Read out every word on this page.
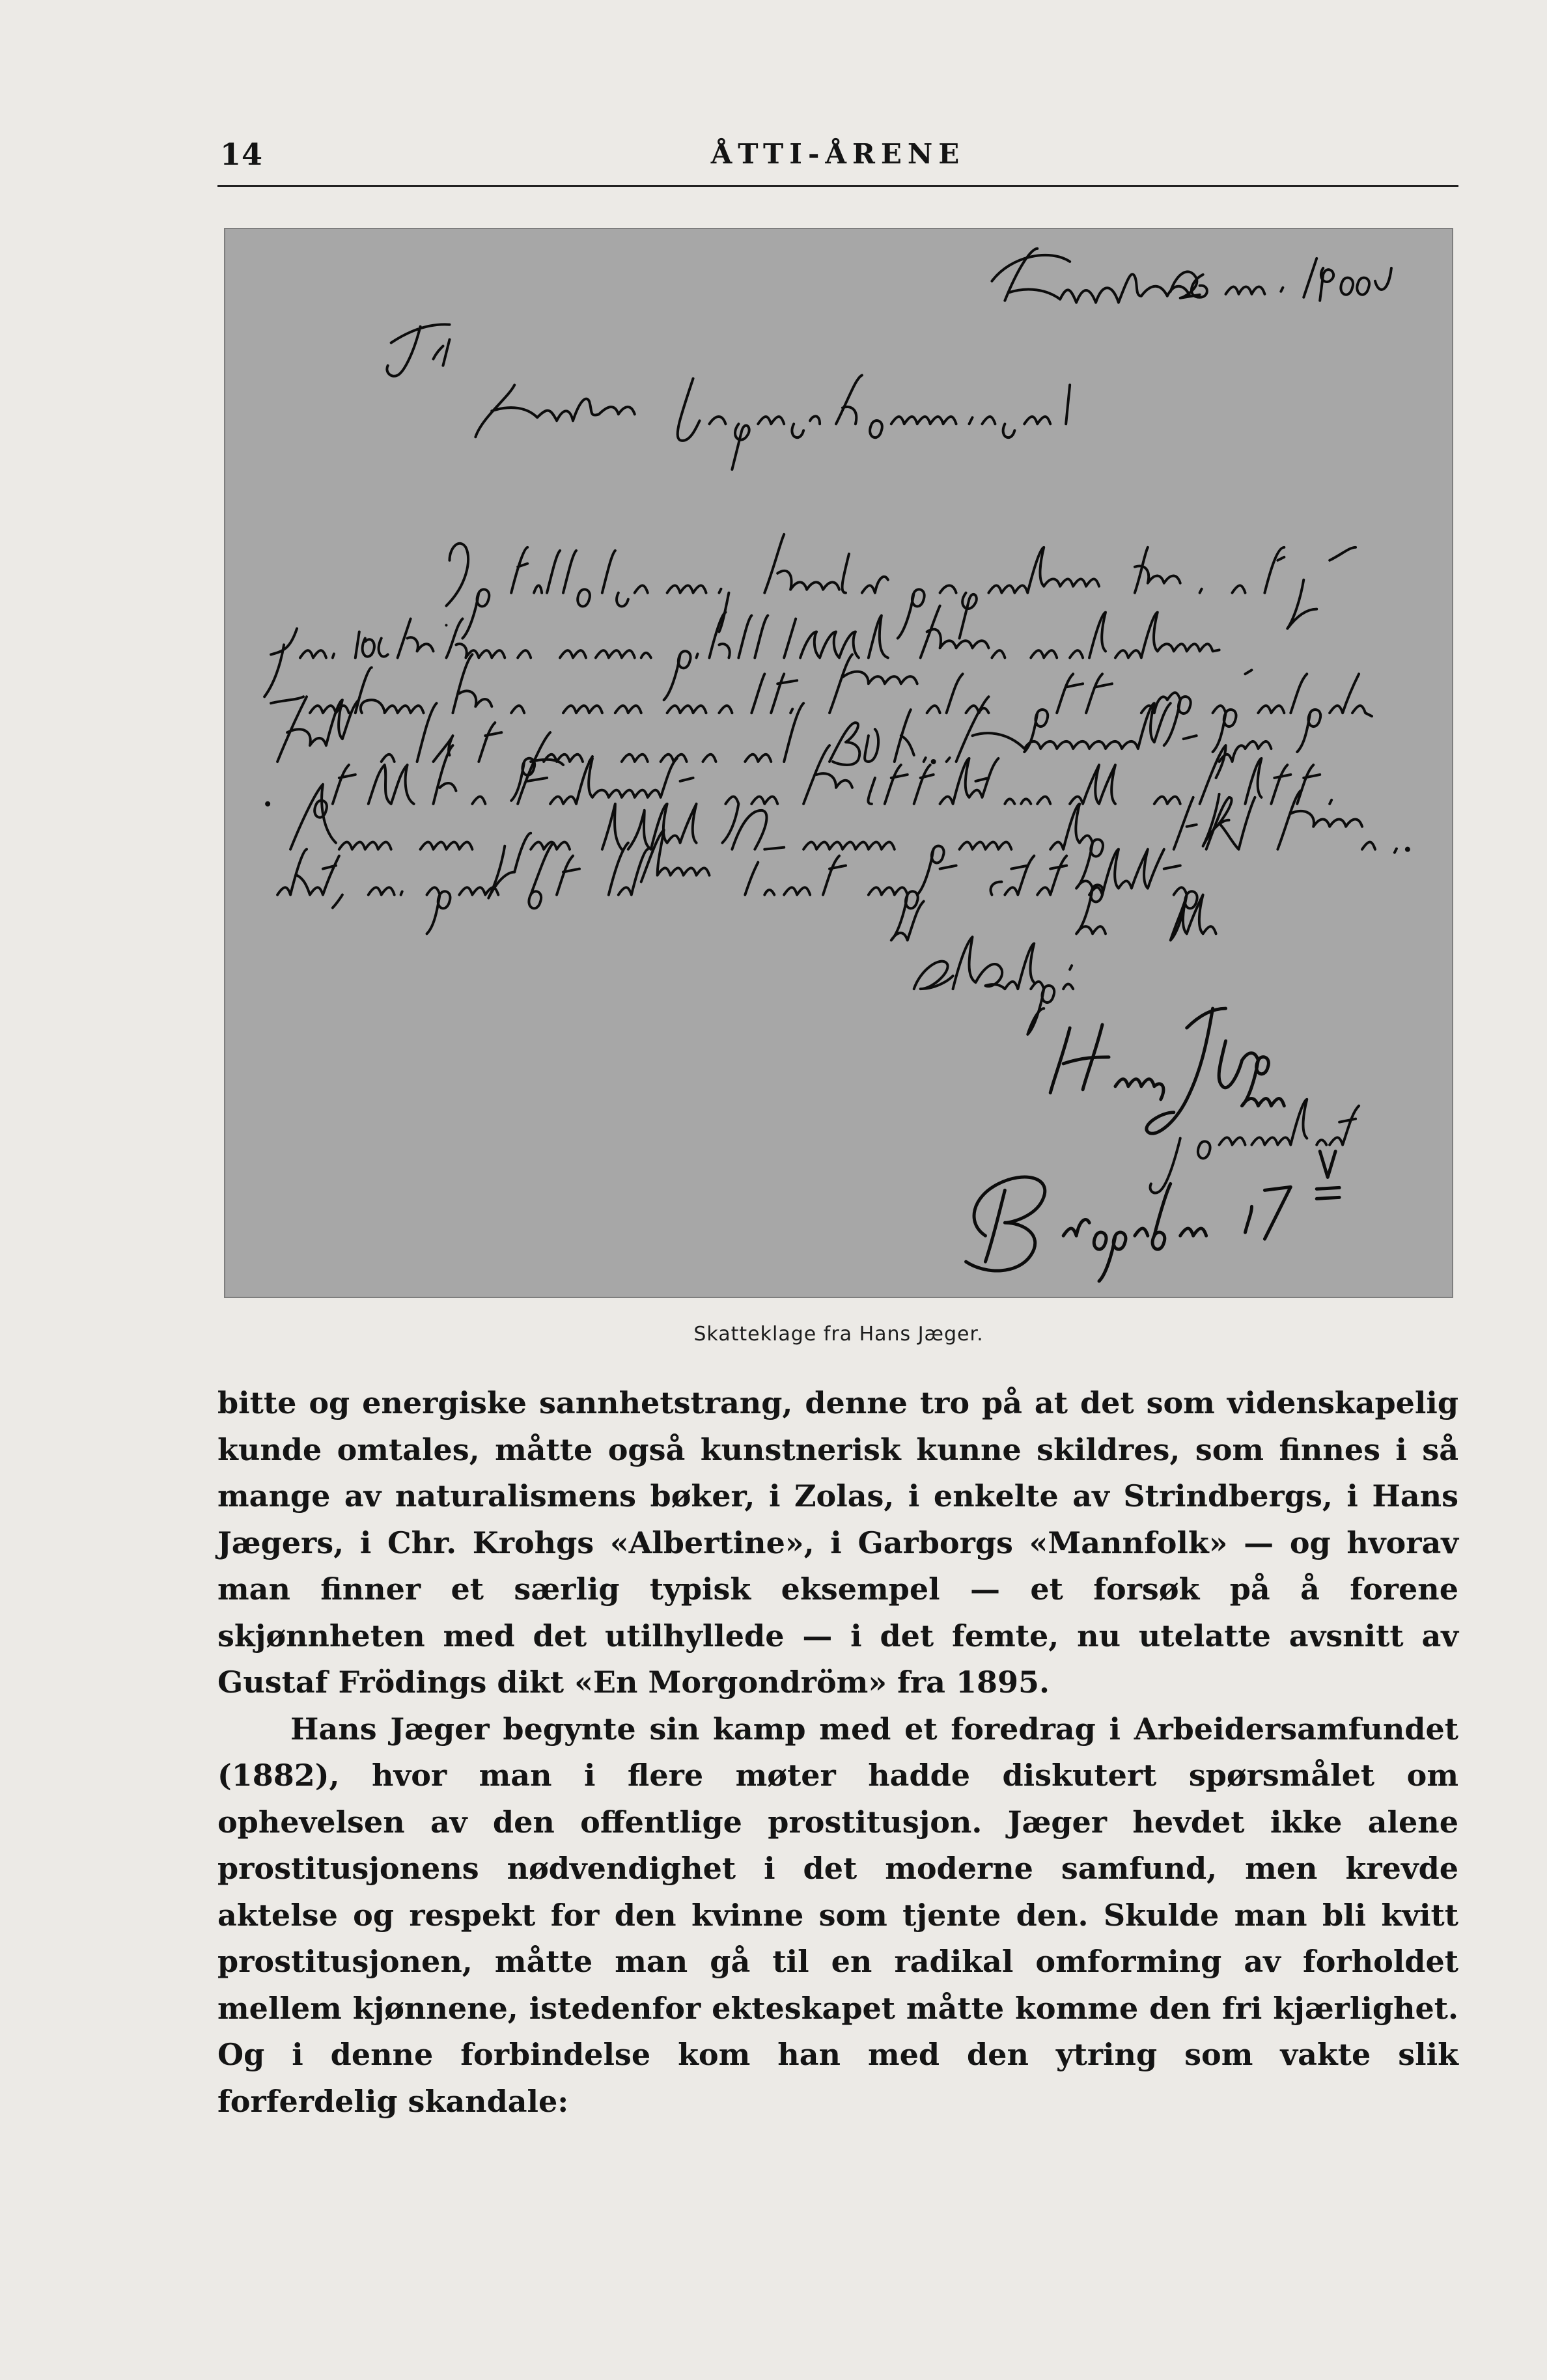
14	ÅTTI-ÅRENE
Skatteklage fra Hans Jæger.

bitte og energiske sannhetstrang, denne tro på at det som videnskapelig kunde omtales, måtte også kunstnerisk kunne skildres, som finnes i så mange av naturalismens bøker, i Zolas, i enkelte av Strindbergs, i Hans Jægers, i Chr. Krohgs «Albertine», i Garborgs «Mannfolk» — og hvorav man finner et særlig typisk eksempel — et forsøk på å forene skjønnheten med det utilhyllede — i det femte, nu utelatte avsnitt av Gustaf Frödings dikt «En Morgondröm» fra 1895.

Hans Jæger begynte sin kamp med et foredrag i Arbeidersamfundet (1882), hvor man i flere møter hadde diskutert spørsmålet om ophevelsen av den offentlige prostitusjon. Jæger hevdet ikke alene prostitusjonens nødvendighet i det moderne samfund, men krevde aktelse og respekt for den kvinne som tjente den. Skulde man bli kvitt prostitusjonen, måtte man gå til en radikal omforming av forholdet mellem kjønnene, istedenfor ekteskapet måtte komme den fri kjærlighet. Og i denne forbindelse kom han med den ytring som vakte slik forferdelig skandale:
